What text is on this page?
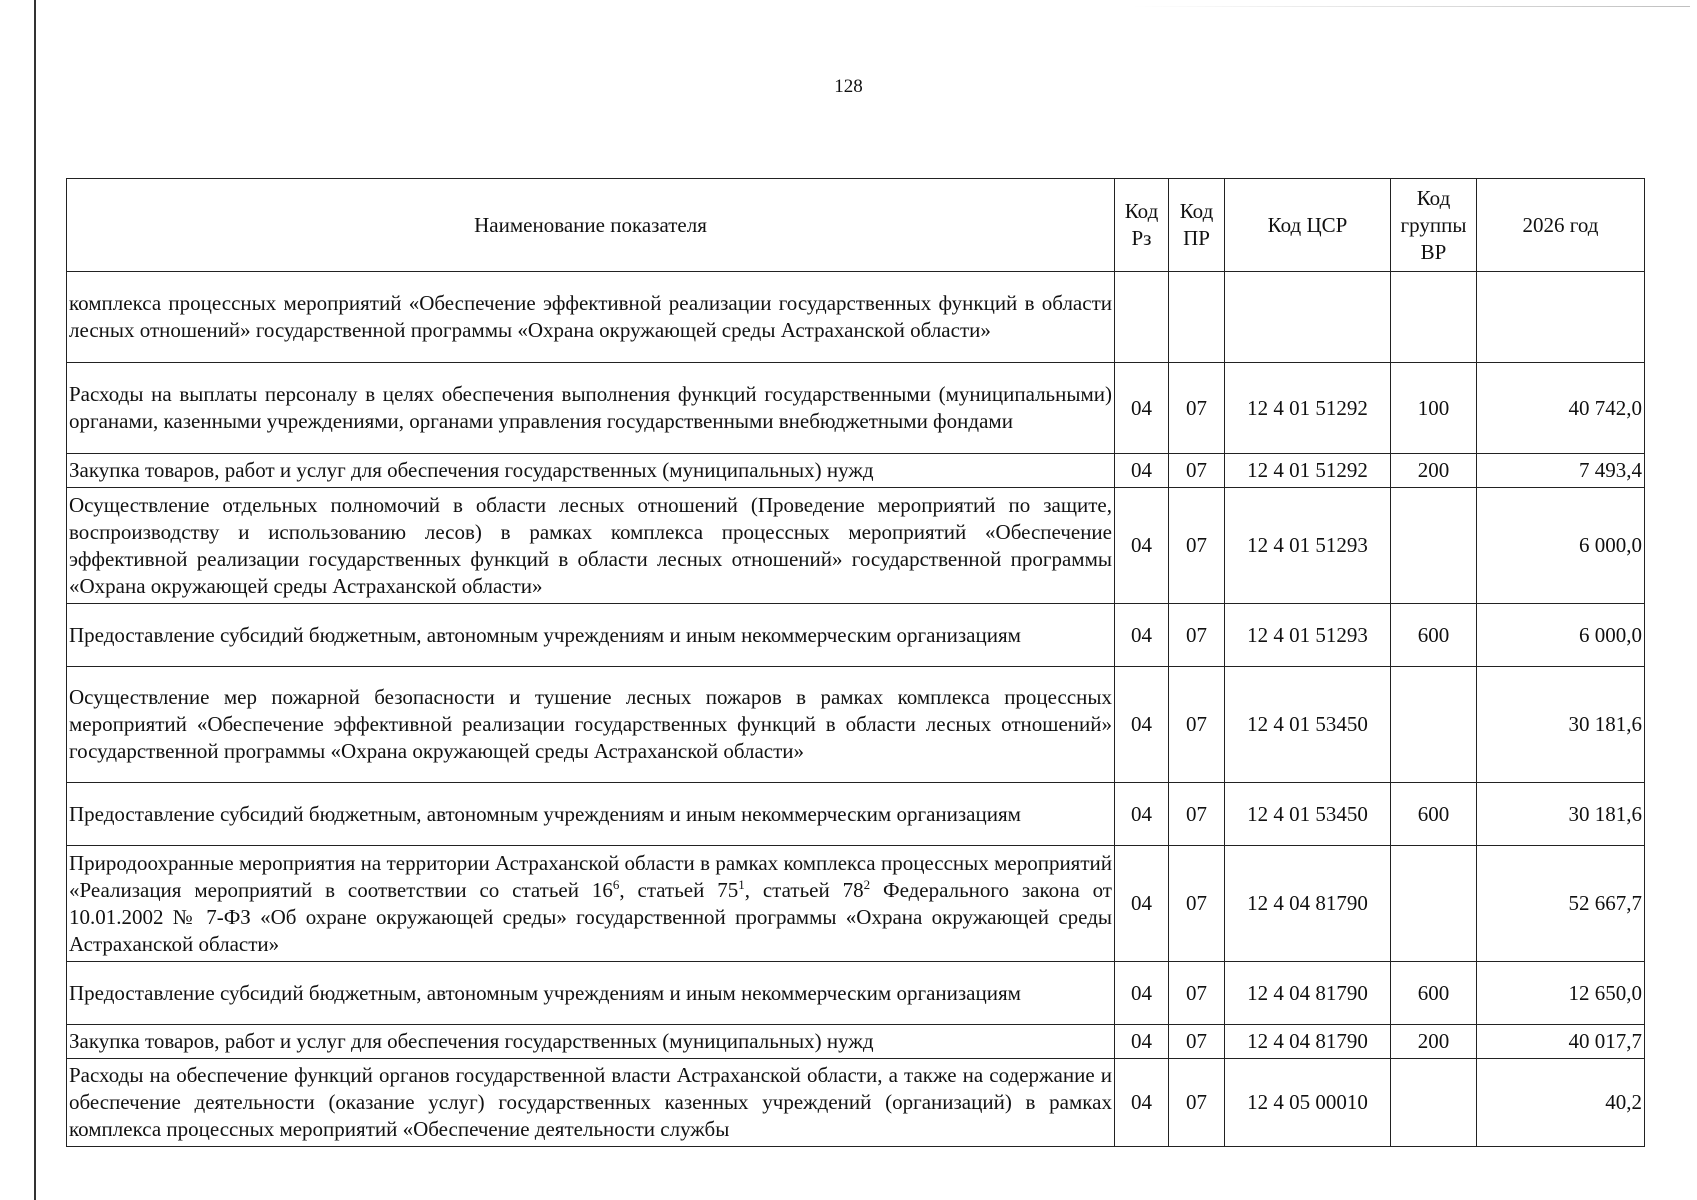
128
Наименование показателя	Код Рз	Код ПР	Код ЦСР	Код группы ВР	2026 год
комплекса процессных мероприятий «Обеспечение эффективной реализации государственных функций в области лесных отношений» государственной программы «Охрана окружающей среды Астраханской области»					
Расходы на выплаты персоналу в целях обеспечения выполнения функций государственными (муниципальными) органами, казенными учреждениями, органами управления государственными внебюджетными фондами	04	07	12 4 01 51292	100	40 742,0
Закупка товаров, работ и услуг для обеспечения государственных (муниципальных) нужд	04	07	12 4 01 51292	200	7 493,4
Осуществление отдельных полномочий в области лесных отношений (Проведение мероприятий по защите, воспроизводству и использованию лесов) в рамках комплекса процессных мероприятий «Обеспечение эффективной реализации государственных функций в области лесных отношений» государственной программы «Охрана окружающей среды Астраханской области»	04	07	12 4 01 51293		6 000,0
Предоставление субсидий бюджетным, автономным учреждениям и иным некоммерческим организациям	04	07	12 4 01 51293	600	6 000,0
Осуществление мер пожарной безопасности и тушение лесных пожаров в рамках комплекса процессных мероприятий «Обеспечение эффективной реализации государственных функций в области лесных отношений» государственной программы «Охрана окружающей среды Астраханской области»	04	07	12 4 01 53450		30 181,6
Предоставление субсидий бюджетным, автономным учреждениям и иным некоммерческим организациям	04	07	12 4 01 53450	600	30 181,6
Природоохранные мероприятия на территории Астраханской области в рамках комплекса процессных мероприятий «Реализация мероприятий в соответствии со статьей $16^6$, статьей $75^1$, статьей $78^2$ Федерального закона от 10.01.2002 № 7-ФЗ «Об охране окружающей среды» государственной программы «Охрана окружающей среды Астраханской области»	04	07	12 4 04 81790		52 667,7
Предоставление субсидий бюджетным, автономным учреждениям и иным некоммерческим организациям	04	07	12 4 04 81790	600	12 650,0
Закупка товаров, работ и услуг для обеспечения государственных (муниципальных) нужд	04	07	12 4 04 81790	200	40 017,7
Расходы на обеспечение функций органов государственной власти Астраханской области, а также на содержание и обеспечение деятельности (оказание услуг) государственных казенных учреждений (организаций) в рамках комплекса процессных мероприятий «Обеспечение деятельности службы	04	07	12 4 05 00010		40,2
